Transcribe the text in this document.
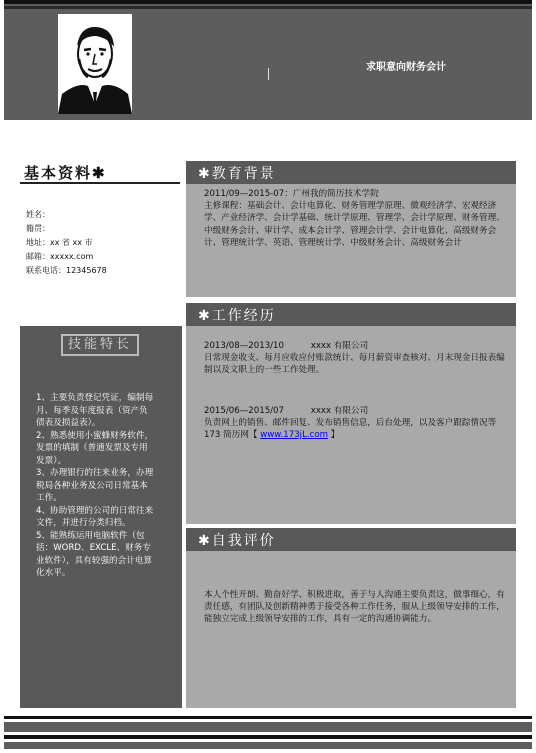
求职意向财务会计
基本资料✱
姓名：
籍贯：
地址：xx 省 xx 市
邮箱：xxxxx.com
联系电话：12345678
技能特长
1、主要负责登记凭证，编制每月、每季及年度报表（资产负债表及损益表）。
2、熟悉使用小蜜蜂财务软件，发票的填制（普通发票及专用发票）。
3、办理银行的往来业务，办理税局各种业务及公司日常基本工作。
4、协助管理的公司的日常往来文件，并进行分类归档。
5、能熟练运用电脑软件（包括：WORD、EXCLE、财务专业软件），具有较强的会计电算化水平。
✱教育背景
2011/09—2015-07：广州我的简历技术学院
主修课程：基础会计、会计电算化、财务管理学原理、微观经济学、宏观经济学、产业经济学、会计学基础、统计学原理、管理学、会计学原理、财务管理、中级财务会计、审计学、成本会计学、管理会计学、会计电算化、高级财务会计、管理统计学、英语、管理统计学、中级财务会计、高级财务会计
✱工作经历
2013/08—2013/10	xxxx 有限公司
日常现金收支、每月应收应付账款统计、每月薪资审查核对、月末现金日报表编制以及文职上的一些工作处理。
2015/06—2015/07	xxxx 有限公司
负责网上的销售、邮件回复、发布销售信息，后台处理，以及客户跟踪情况等
173 简历网【 www.173jL.com 】
✱自我评价
本人个性开朗、勤奋好学、积极进取，善于与人沟通主要负责这，做事细心，有责任感，有团队及创新精神勇于接受各种工作任务，服从上级领导安排的工作，能独立完成上级领导安排的工作，具有一定的沟通协调能力。
